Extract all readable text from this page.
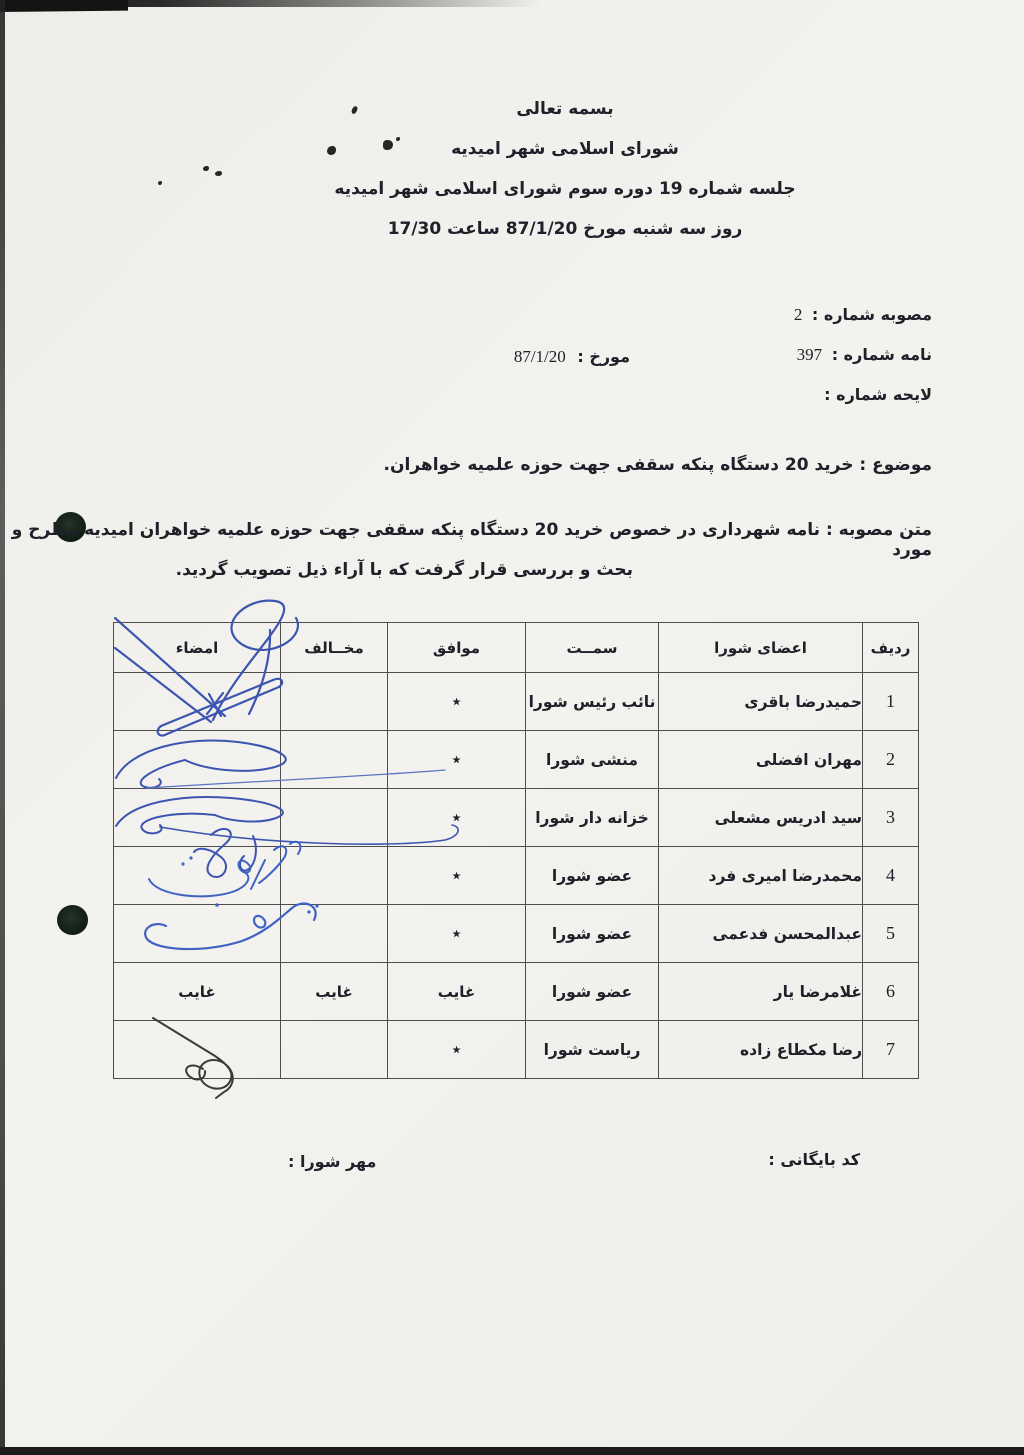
بسمه تعالی
شورای اسلامی شهر امیدیه
جلسه شماره 19 دوره سوم شورای اسلامی شهر امیدیه
روز سه شنبه مورخ 87/1/20 ساعت 17/30
مصوبه شماره : 2
نامه شماره : 397
لایحه شماره :
مورخ : 87/1/20
موضوع : خرید 20 دستگاه پنکه سقفی جهت حوزه علمیه خواهران.
متن مصوبه : نامه شهرداری در خصوص خرید 20 دستگاه پنکه سقفی جهت حوزه علمیه خواهران امیدیه مطرح و مورد
بحث و بررسی قرار گرفت که با آراء ذیل تصویب گردید.
ردیف	اعضای شورا	سمــت	موافق	مخــالف	امضاء
1	حمیدرضا باقری	نائب رئیس شورا	٭		
2	مهران افضلی	منشی شورا	٭		
3	سید ادریس مشعلی	خزانه دار شورا	٭		
4	محمدرضا امیری فرد	عضو شورا	٭		
5	عبدالمحسن فدعمی	عضو شورا	٭		
6	غلامرضا یار	عضو شورا	غایب	غایب	غایب
7	رضا مکطاع زاده	ریاست شورا	٭		
کد بایگانی :
مهر شورا :
